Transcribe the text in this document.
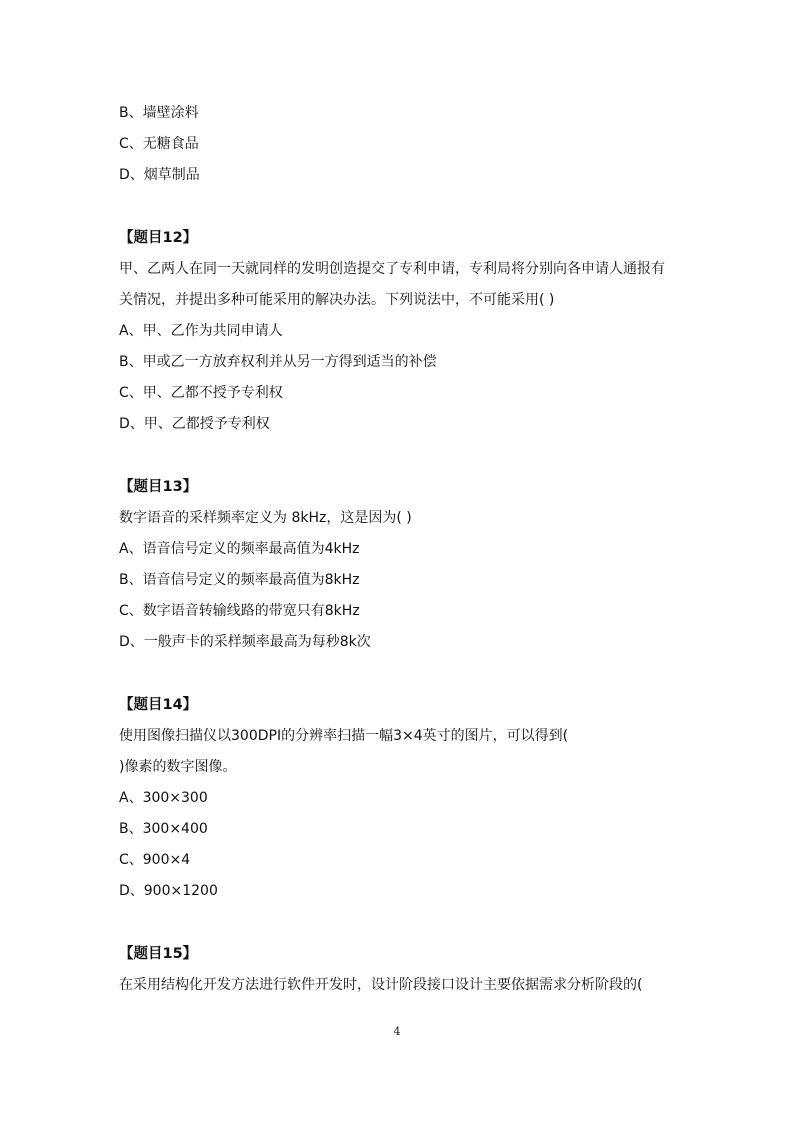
B、墙壁涂料
C、无糖食品
D、烟草制品
【题目12】
甲、乙两人在同一天就同样的发明创造提交了专利申请，专利局将分别向各申请人通报有
关情况，并提出多种可能采用的解决办法。下列说法中，不可能采用( )
A、甲、乙作为共同申请人
B、甲或乙一方放弃权利并从另一方得到适当的补偿
C、甲、乙都不授予专利权
D、甲、乙都授予专利权
【题目13】
数字语音的采样频率定义为 8kHz，这是因为( )
A、语音信号定义的频率最高值为4kHz
B、语音信号定义的频率最高值为8kHz
C、数字语音转输线路的带宽只有8kHz
D、一般声卡的采样频率最高为每秒8k次
【题目14】
使用图像扫描仪以300DPI的分辨率扫描一幅3×4英寸的图片，可以得到(
)像素的数字图像。
A、300×300
B、300×400
C、900×4
D、900×1200
【题目15】
在采用结构化开发方法进行软件开发时，设计阶段接口设计主要依据需求分析阶段的(
4
